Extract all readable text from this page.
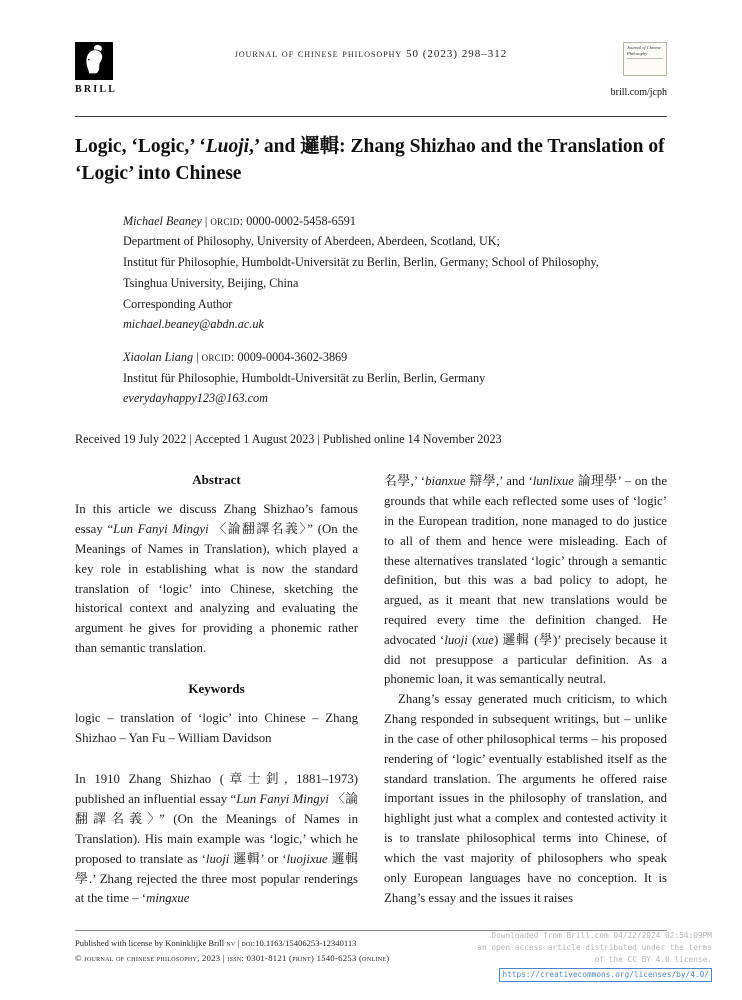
BRILL
journal of chinese philosophy 50 (2023) 298–312
Journal of Chinese Philosophy
brill.com/jcph
Logic, ‘Logic,’ ‘Luoji,’ and 邏輯: Zhang Shizhao and the Translation of ‘Logic’ into Chinese

Michael Beaney | orcid: 0000-0002-5458-6591

Department of Philosophy, University of Aberdeen, Aberdeen, Scotland, UK;

Institut für Philosophie, Humboldt-Universität zu Berlin, Berlin, Germany; School of Philosophy,

Tsinghua University, Beijing, China

Corresponding Author

michael.beaney@abdn.ac.uk

Xiaolan Liang | orcid: 0009-0004-3602-3869

Institut für Philosophie, Humboldt-Universität zu Berlin, Berlin, Germany

everydayhappy123@163.com

Received 19 July 2022 | Accepted 1 August 2023 | Published online 14 November 2023

Abstract

In this article we discuss Zhang Shizhao’s famous essay “Lun Fanyi Mingyi 〈論翻譯名義〉” (On the Meanings of Names in Translation), which played a key role in establishing what is now the standard translation of ‘logic’ into Chinese, sketching the historical context and analyzing and evaluating the argument he gives for providing a phonemic rather than semantic translation.

Keywords

logic – translation of ‘logic’ into Chinese – Zhang Shizhao – Yan Fu – William Davidson

In 1910 Zhang Shizhao (章士釗, 1881–1973) published an influential essay “Lun Fanyi Mingyi 〈論翻譯名義〉” (On the Meanings of Names in Translation). His main example was ‘logic,’ which he proposed to translate as ‘luoji 邏輯’ or ‘luojixue 邏輯學.’ Zhang rejected the three most popular renderings at the time – ‘mingxue

名學,’ ‘bianxue 辯學,’ and ‘lunlixue 論理學’ – on the grounds that while each reflected some uses of ‘logic’ in the European tradition, none managed to do justice to all of them and hence were misleading. Each of these alternatives translated ‘logic’ through a semantic definition, but this was a bad policy to adopt, he argued, as it meant that new translations would be required every time the definition changed. He advocated ‘luoji (xue) 邏輯 (學)’ precisely because it did not presuppose a particular definition. As a phonemic loan, it was semantically neutral.

Zhang’s essay generated much criticism, to which Zhang responded in subsequent writings, but – unlike in the case of other philosophical terms – his proposed rendering of ‘logic’ eventually established itself as the standard translation. The arguments he offered raise important issues in the philosophy of translation, and highlight just what a complex and contested activity it is to translate philosophical terms into Chinese, of which the vast majority of philosophers who speak only European languages have no conception. It is Zhang’s essay and the issues it raises

Published with license by Koninklijke Brill nv | doi:10.1163/15406253-12340113

© journal of chinese philosophy, 2023 | issn: 0301-8121 (print) 1540-6253 (online)

Downloaded from Brill.com 04/22/2024 02:54:09PM
an open access article distributed under the terms
of the CC BY 4.0 license.
https://creativecommons.org/licenses/by/4.0/
